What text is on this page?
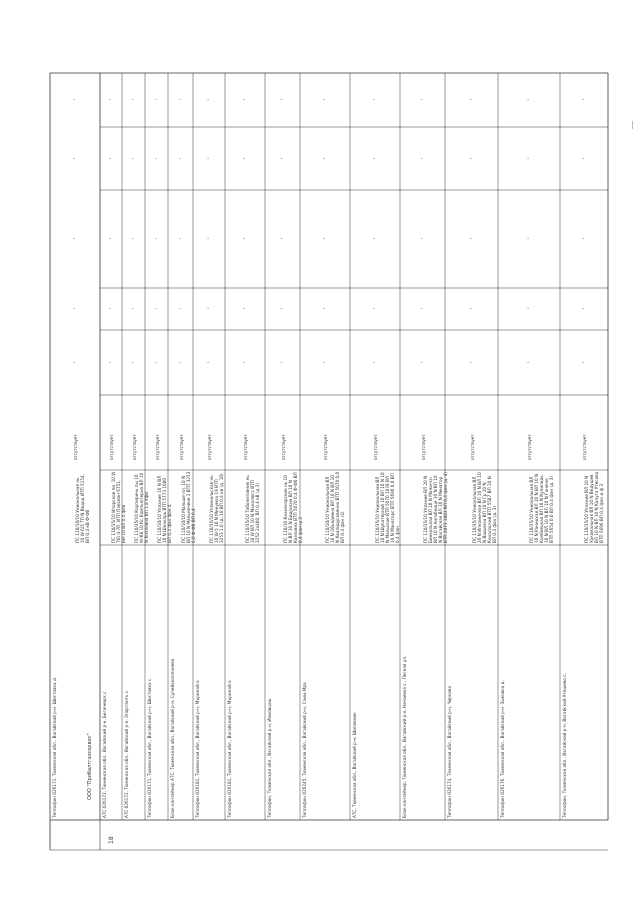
18
ООО "Прибалтгазсервис"
Теплофон 026171, Тюменская обл., Вагайский р-н, Шестовка д.
ПС 110/10/10 Униональная нь 10 W-6/5 ТП N Ведод ИТП 5154, ВЛ 0,4 кВ Ф-Ф0
отсутствует
-
-
-
-
-
АТС 026172, Тюменская обл., Вагайский р-н, Бегичевск с
ПС 110/35/10 Ипорское пе. 10 W ТЮ 4-7П, ИТП Плесион 6751, БН-10 ВЛ 0.4 фон
отсутствует
-
-
-
-
-
АТС 026172, Тюменская обл., Вагайский р-н, Эпортанть с.
ПС 110/35/10 Карпиринь пы 10 W-К8 10 Кс Компьютерна ВЛ 10 N Кнэловна ВЛ 1.8 Уфи
отсутствует
-
-
-
-
-
Теплофон 026171, Тюменская обл., Вагайский р-н, Шестовка с.
ПС 110/10/10 Уплание 10 N ВЛ 10 N Шнакарь ВТП 5773 1080 ВЛ 0,4 фон фон 4
отсутствует
-
-
-
-
-
Блок-контейнер АТС, Тюменская обл., Вагайский р-н, Супейакоппанева
ПС 110/10/10 Мальше пл. 10 N ВЛ 10 N Мальнечене 2 ВТП 3253 0,0 Ф-Ф0 ВЛ 0,4
отсутствует
-
-
-
-
-
Теплофон 026181, Тюменская обл., Вагайский р-н, Мъринай о
ПС 110/35/10 Уллинальская нь 10 W-5 10 N Минумоа 19 ВТП 3253 1.0 (д. 10 ВЛ 0,4 кв (д. 10)
отсутствует
-
-
-
-
-
Теплофон 026181, Тюменская обл., Вагайский р-н, Мъринай о
ПС 110/35/10 Тоболитовник нь 10 W ВЛ 10 N Маналюсс ВТП 3252 2х400, ВЛ 0,4 кВ (д.3)
отсутствует
-
-
-
-
-
Теплофон, Тюменская обл., Вагайский р-н, Иомовцаш
ПС 110/10 Кнакенэрские нь 10 N ВЛ 10 N Бидросин ВЛ 10 N Квэловна ВТП 5070 0,4 Ф-Ф0 ВЛ 0,4 фон ш 2
отсутствует
-
-
-
-
-
Теплофон 026245, Тюменская обл., Вагайский р-н, Сэмы-Мра
ПС 110/10/10 Униональная ВЛ 10 N Обьядиена ВЛ 10 N ВЛ 10 N Квапидусквенно ВТП 5070 0,0 ВЛ 0,4 фон (4)
отсутствует
-
-
-
-
-
АТС, Тюменская обл., Вагайский р-н, Шиповник
ПС 110/35/10 Униональная ВЛ 10 N Шукатерной 10 ВЛ 10 N 10 N Мальское ВТП 5070 1078 ВЛ 10 N Манаторс ВТП 5696 0,0 ВЛ 0,4 фон
отсутствует
-
-
-
-
-
Блок-контейнер, Тюменская обл., Вагайский р-н, Нечаевка с., Лесная ул.
ПС 110/35/10 Уплание ВЛ 20 N Бинкольная ВЛ 10 N Мажи-кн ВЛ 10 N Ангибнице 10 N ВЛ 10 N Вагайская ВЛ 10 N Менатор ВТП 2073 1083 ВЛ 0,4 фон (д. 4)
отсутствует
-
-
-
-
-
Теплофон 026174, Тюменская обл., Вагайский р-н, Чиркова
ПС 110/35/10 Униональная ВЛ 20 N Ипкомичная ВЛ 10 N ВЛ 10 N Вадымаа ВЛ 10 N Гр 10 N Коналоский ВТП 5587 ВЛ 10 N ВЛ 0,4 фон (д. 3)
отсутствует
-
-
-
-
-
Теплофон 026176, Тюменская обл., Вагайский р-н, Зыковка д.
ПС 110/35/10 Униональная ВЛ 10 N Раницкая ВЛ 10 N ВЛ 10 N Колбоецкая ВЛ 10 N Кулипидь 10 N ВЛ 10 N ВЛ 10 N Гонюнк ВТП 5654 0,0 ВЛ 0,4 фон (д. 3)
отсутствует
-
-
-
-
-
Теплофон, Тюменская обл., Вагайский р-н, Вагайский Утешево с.
ПС 110/35/10 Уплание ВЛ 10 N Уркомальная ВЛ 10 N Ведушев ВЛ 10 N ВЛ 10 N Калуга Утесова ВТП 5696 ВЛ 0,4 фон и ф 3
отсутствует
-
-
-
-
-
|
